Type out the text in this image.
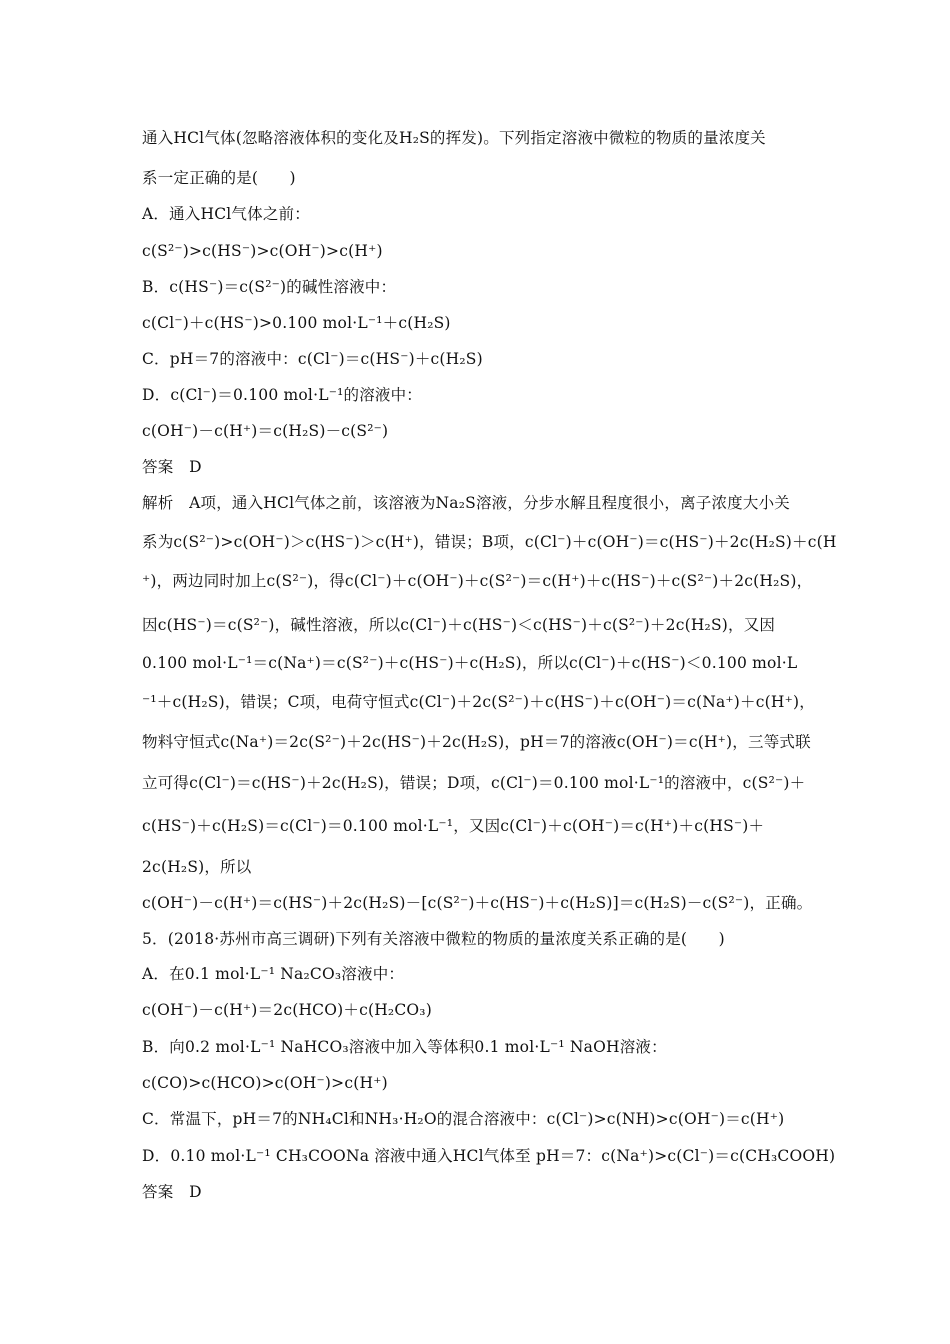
通入HCl气体(忽略溶液体积的变化及H₂S的挥发)。下列指定溶液中微粒的物质的量浓度关
系一定正确的是(　　)
A．通入HCl气体之前：
c(S²⁻)>c(HS⁻)>c(OH⁻)>c(H⁺)
B．c(HS⁻)＝c(S²⁻)的碱性溶液中：
c(Cl⁻)＋c(HS⁻)>0.100 mol·L⁻¹＋c(H₂S)
C．pH＝7的溶液中：c(Cl⁻)＝c(HS⁻)＋c(H₂S)
D．c(Cl⁻)＝0.100 mol·L⁻¹的溶液中：
c(OH⁻)－c(H⁺)＝c(H₂S)－c(S²⁻)
答案　D
解析　A项，通入HCl气体之前，该溶液为Na₂S溶液，分步水解且程度很小，离子浓度大小关
系为c(S²⁻)>c(OH⁻)＞c(HS⁻)＞c(H⁺)，错误；B项，c(Cl⁻)＋c(OH⁻)＝c(HS⁻)＋2c(H₂S)＋c(H
⁺)，两边同时加上c(S²⁻)，得c(Cl⁻)＋c(OH⁻)＋c(S²⁻)＝c(H⁺)＋c(HS⁻)＋c(S²⁻)＋2c(H₂S)，
因c(HS⁻)＝c(S²⁻)，碱性溶液，所以c(Cl⁻)＋c(HS⁻)＜c(HS⁻)＋c(S²⁻)＋2c(H₂S)，又因
0.100 mol·L⁻¹＝c(Na⁺)＝c(S²⁻)＋c(HS⁻)＋c(H₂S)，所以c(Cl⁻)＋c(HS⁻)＜0.100 mol·L
⁻¹＋c(H₂S)，错误；C项，电荷守恒式c(Cl⁻)＋2c(S²⁻)＋c(HS⁻)＋c(OH⁻)＝c(Na⁺)＋c(H⁺)，
物料守恒式c(Na⁺)＝2c(S²⁻)＋2c(HS⁻)＋2c(H₂S)，pH＝7的溶液c(OH⁻)＝c(H⁺)，三等式联
立可得c(Cl⁻)＝c(HS⁻)＋2c(H₂S)，错误；D项，c(Cl⁻)＝0.100 mol·L⁻¹的溶液中，c(S²⁻)＋
c(HS⁻)＋c(H₂S)＝c(Cl⁻)＝0.100 mol·L⁻¹，又因c(Cl⁻)＋c(OH⁻)＝c(H⁺)＋c(HS⁻)＋
2c(H₂S)，所以
c(OH⁻)－c(H⁺)＝c(HS⁻)＋2c(H₂S)－[c(S²⁻)＋c(HS⁻)＋c(H₂S)]＝c(H₂S)－c(S²⁻)，正确。
5．(2018·苏州市高三调研)下列有关溶液中微粒的物质的量浓度关系正确的是(　　)
A．在0.1 mol·L⁻¹ Na₂CO₃溶液中：
c(OH⁻)－c(H⁺)＝2c(HCO)＋c(H₂CO₃)
B．向0.2 mol·L⁻¹ NaHCO₃溶液中加入等体积0.1 mol·L⁻¹ NaOH溶液：
c(CO)>c(HCO)>c(OH⁻)>c(H⁺)
C．常温下，pH＝7的NH₄Cl和NH₃·H₂O的混合溶液中：c(Cl⁻)>c(NH)>c(OH⁻)＝c(H⁺)
D．0.10 mol·L⁻¹ CH₃COONa 溶液中通入HCl气体至 pH＝7：c(Na⁺)>c(Cl⁻)＝c(CH₃COOH)
答案　D
